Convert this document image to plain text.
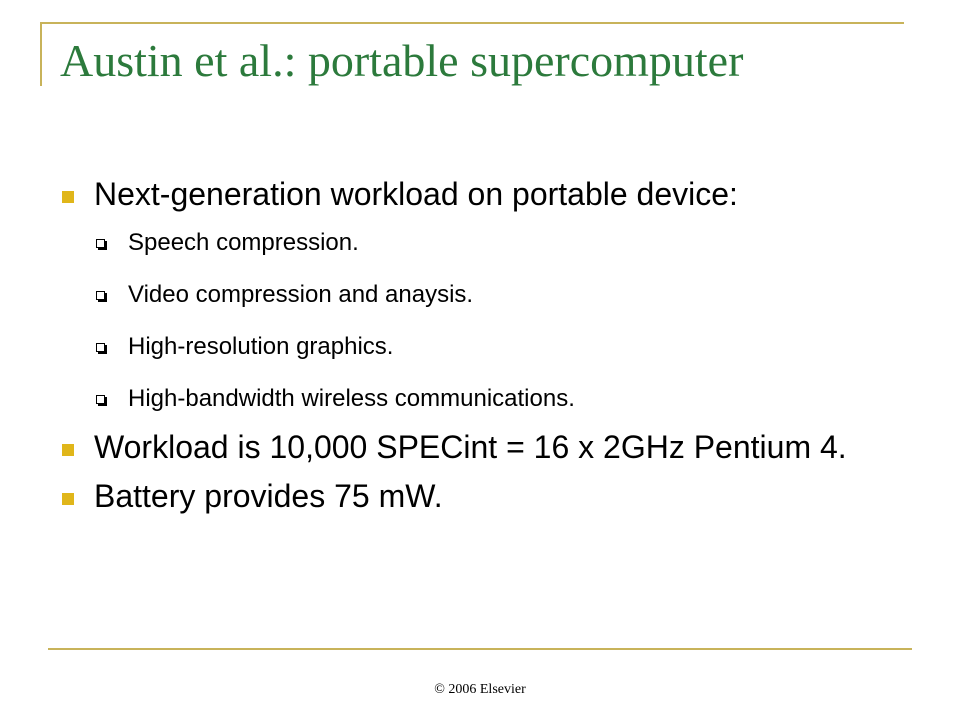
Austin et al.: portable supercomputer
Next-generation workload on portable device:
Speech compression.
Video compression and anaysis.
High-resolution graphics.
High-bandwidth wireless communications.
Workload is 10,000 SPECint = 16 x 2GHz Pentium 4.
Battery provides 75 mW.
© 2006 Elsevier
